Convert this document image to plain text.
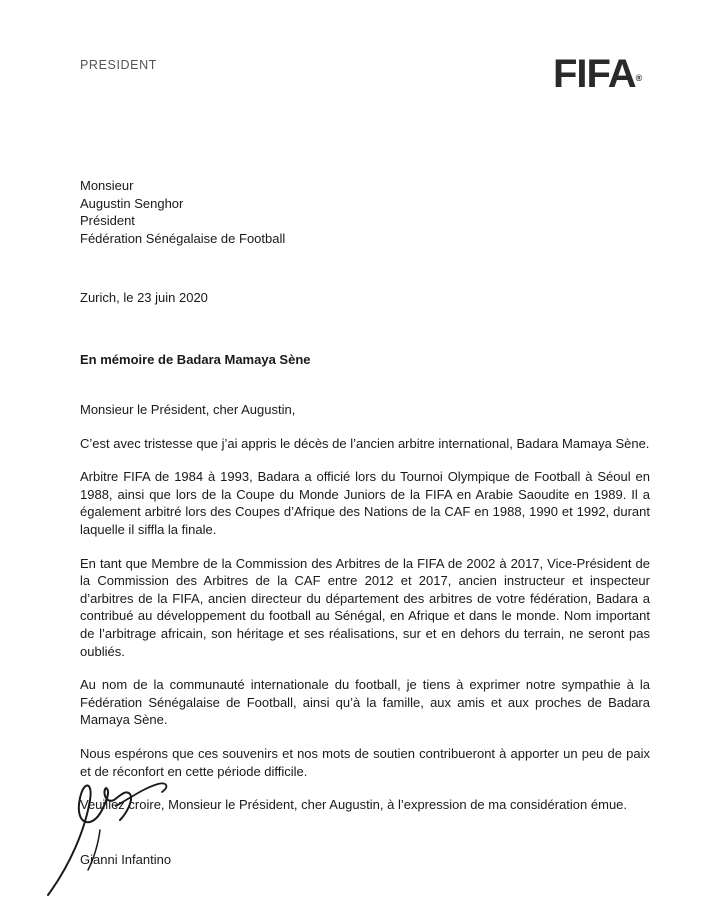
PRESIDENT	FIFA®
Monsieur
Augustin Senghor
Président
Fédération Sénégalaise de Football
Zurich, le 23 juin 2020
En mémoire de Badara Mamaya Sène

Monsieur le Président, cher Augustin,

C’est avec tristesse que j’ai appris le décès de l’ancien arbitre international, Badara Mamaya Sène.

Arbitre FIFA de 1984 à 1993, Badara a officié lors du Tournoi Olympique de Football à Séoul en 1988, ainsi que lors de la Coupe du Monde Juniors de la FIFA en Arabie Saoudite en 1989. Il a également arbitré lors des Coupes d’Afrique des Nations de la CAF en 1988, 1990 et 1992, durant laquelle il siffla la finale.

En tant que Membre de la Commission des Arbitres de la FIFA de 2002 à 2017, Vice-Président de la Commission des Arbitres de la CAF entre 2012 et 2017, ancien instructeur et inspecteur d’arbitres de la FIFA, ancien directeur du département des arbitres de votre fédération, Badara a contribué au développement du football au Sénégal, en Afrique et dans le monde. Nom important de l’arbitrage africain, son héritage et ses réalisations, sur et en dehors du terrain, ne seront pas oubliés.

Au nom de la communauté internationale du football, je tiens à exprimer notre sympathie à la Fédération Sénégalaise de Football, ainsi qu’à la famille, aux amis et aux proches de Badara Mamaya Sène.

Nous espérons que ces souvenirs et nos mots de soutien contribueront à apporter un peu de paix et de réconfort en cette période difficile.

Veuillez croire, Monsieur le Président, cher Augustin, à l’expression de ma considération émue.

Gianni Infantino
